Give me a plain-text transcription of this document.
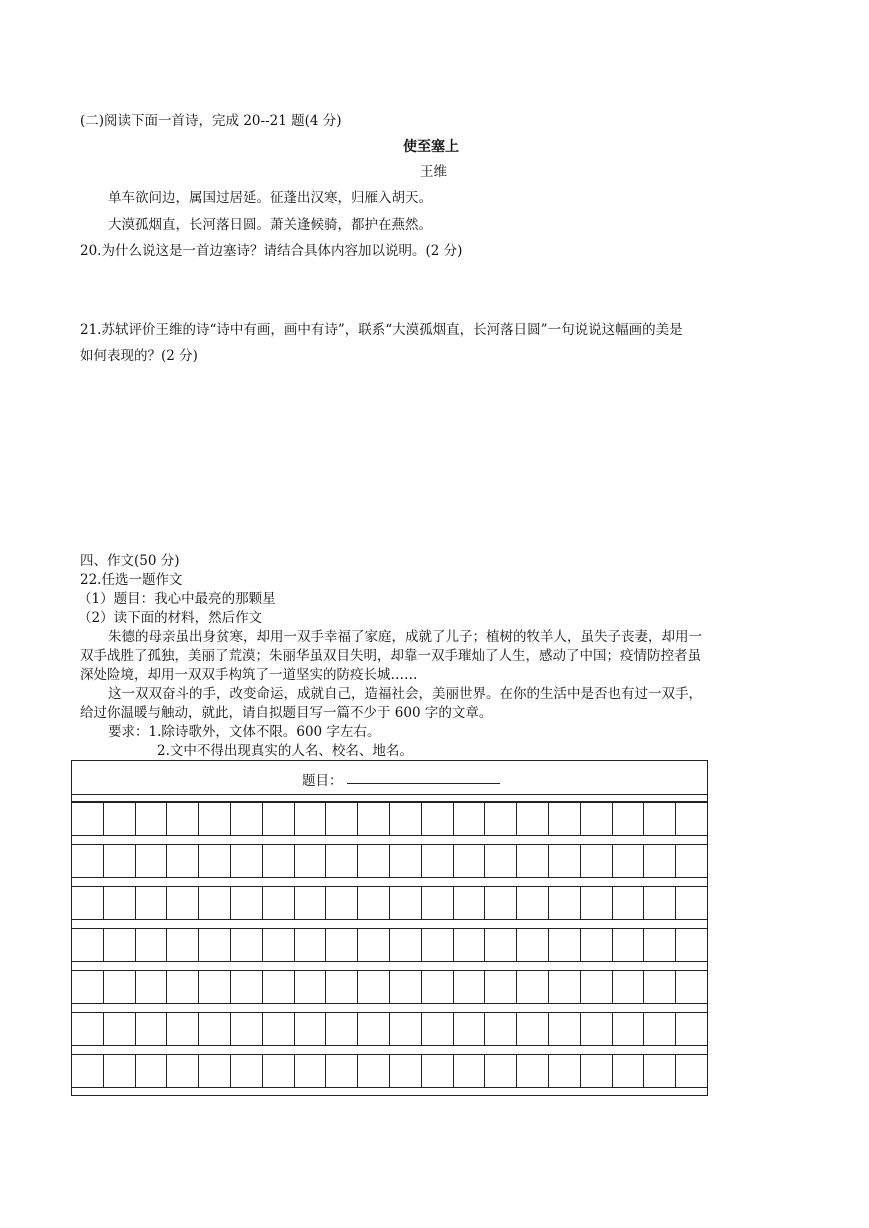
(二)阅读下面一首诗，完成 20--21 题(4 分)
使至塞上
王维
单车欲问边，属国过居延。征蓬出汉寒，归雁入胡天。
大漠孤烟直，长河落日圆。萧关逢候骑，都护在燕然。
20.为什么说这是一首边塞诗？请结合具体内容加以说明。(2 分)
21.苏轼评价王维的诗“诗中有画，画中有诗”，联系“大漠孤烟直，长河落日圆”一句说说这幅画的美是
如何表现的？(2 分)
四、作文(50 分)
22.任选一题作文
（1）题目：我心中最亮的那颗星
（2）读下面的材料，然后作文
朱德的母亲虽出身贫寒，却用一双手幸福了家庭，成就了儿子；植树的牧羊人，虽失子丧妻，却用一
双手战胜了孤独，美丽了荒漠；朱丽华虽双目失明，却靠一双手璀灿了人生，感动了中国；疫情防控者虽
深处险境，却用一双双手构筑了一道坚实的防疫长城……
这一双双奋斗的手，改变命运，成就自己，造福社会，美丽世界。在你的生活中是否也有过一双手，
给过你温暖与触动，就此，请自拟题目写一篇不少于 600 字的文章。
要求：1.除诗歌外，文体不限。600 字左右。
2.文中不得出现真实的人名、校名、地名。
题目：
